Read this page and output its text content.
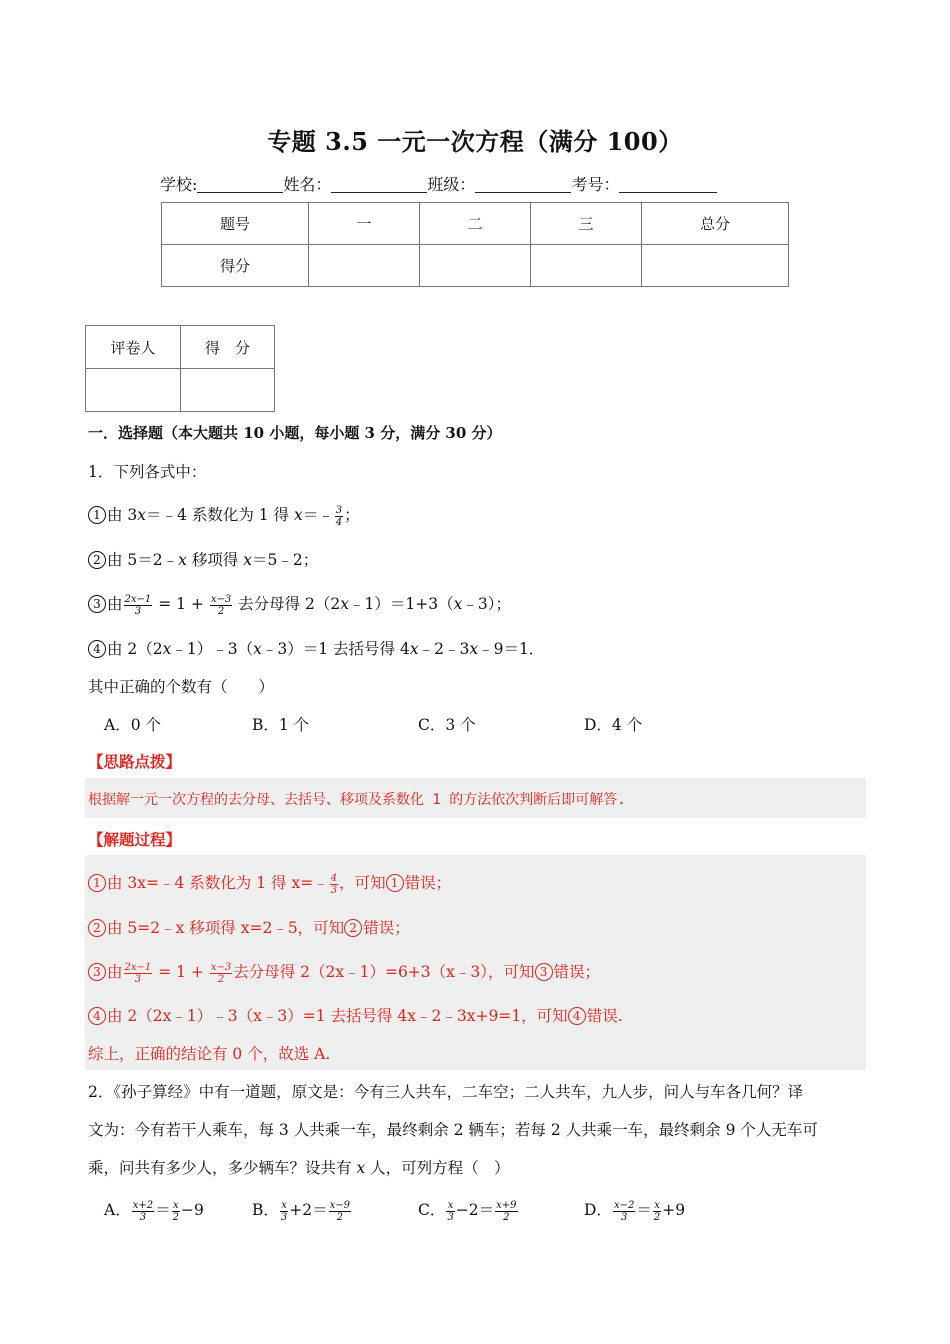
专题 3.5 一元一次方程（满分 100）
学校:	姓名：	班级：	考号：
题号	一	二	三	总分
得分				
评卷人	得　分

一．选择题（本大题共 10 小题，每小题 3 分，满分 30 分）
1．下列各式中：
1 由 3x＝﹣4 系数化为 1 得 x＝﹣ $\frac{3}{4}$ ；
2 由 5＝2﹣x 移项得 x＝5﹣2；
3 由 $\frac{2x-1}{3} = 1 + \frac{x-3}{2}$ 去分母得 2（2x﹣1）＝1+3（x﹣3）；
4 由 2（2x﹣1）﹣3（x﹣3）＝1 去括号得 4x﹣2﹣3x﹣9＝1．
其中正确的个数有（　　）
A．0 个	B．1 个	C．3 个	D．4 个
【思路点拨】
根据解一元一次方程的去分母、去括号、移项及系数化 1 的方法依次判断后即可解答.
【解题过程】
1 由 3x=﹣4 系数化为 1 得 x=﹣ $\frac{4}{3}$ ，可知 1 错误；
2 由 5=2﹣x 移项得 x=2﹣5，可知 2 错误；
3 由 $\frac{2x-1}{3} = 1 + \frac{x-3}{2}$ 去分母得 2（2x﹣1）=6+3（x﹣3），可知 3 错误；
4 由 2（2x﹣1）﹣3（x﹣3）=1 去括号得 4x﹣2﹣3x+9=1，可知 4 错误.
综上，正确的结论有 0 个，故选 A.
2．《孙子算经》中有一道题，原文是：今有三人共车，二车空；二人共车，九人步，问人与车各几何？译
文为：今有若干人乘车，每 3 人共乘一车，最终剩余 2 辆车；若每 2 人共乘一车，最终剩余 9 个人无车可
乘，问共有多少人，多少辆车？设共有 x 人，可列方程（　）
A． $\frac{x+2}{3} = \frac{x}{2} -9$	B． $\frac{x}{3} +2= \frac{x-9}{2}$	C． $\frac{x}{3} -2= \frac{x+9}{2}$	D． $\frac{x-2}{3} = \frac{x}{2} +9$
